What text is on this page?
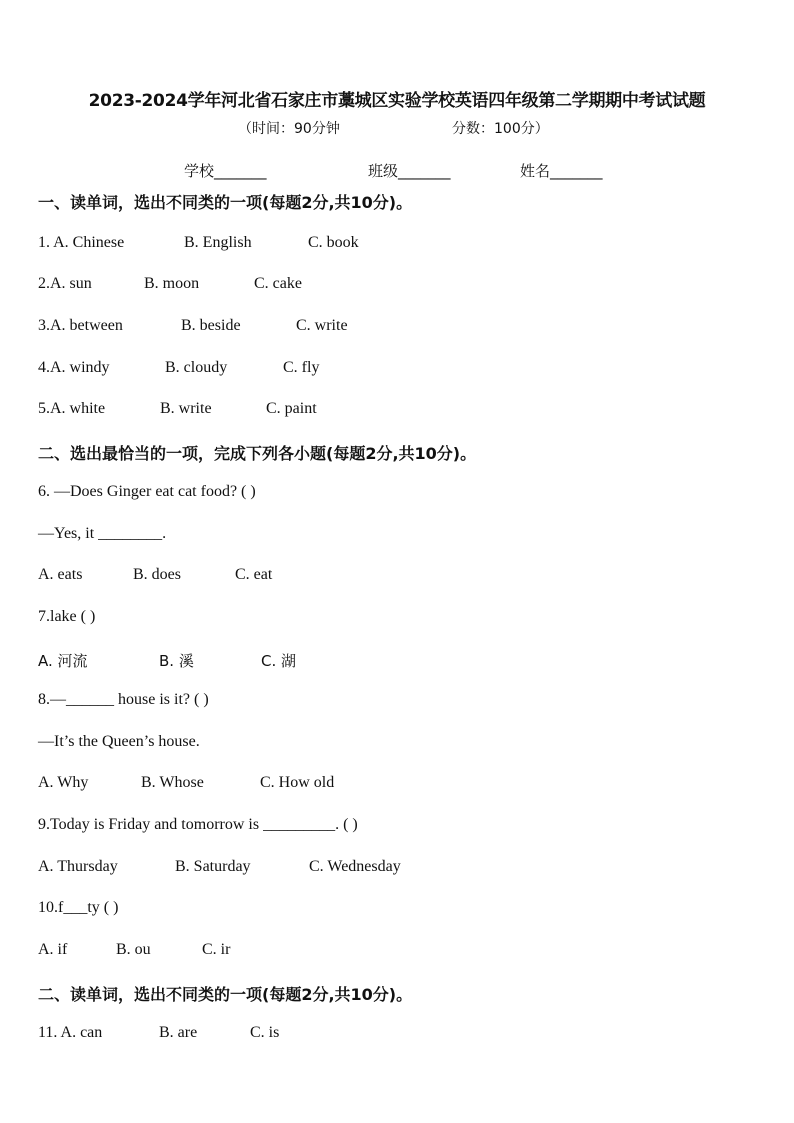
2023-2024学年河北省石家庄市藁城区实验学校英语四年级第二学期期中考试试题
（时间：90分钟	分数：100分）
学校_______	班级_______	姓名_______
一、读单词，选出不同类的一项(每题2分,共10分)。
1. A. Chinese	B. English	C. book
2.A. sun	B. moon	C. cake
3.A. between	B. beside	C. write
4.A. windy	B. cloudy	C. fly
5.A. white	B. write	C. paint
二、选出最恰当的一项，完成下列各小题(每题2分,共10分)。
6. —Does Ginger eat cat food? ( )
—Yes, it ________.
A. eats	B. does	C. eat
7.lake ( )
A. 河流	B. 溪	C. 湖
8.—______ house is it? ( )
—It’s the Queen’s house.
A. Why	B. Whose	C. How old
9.Today is Friday and tomorrow is _________. ( )
A. Thursday	B. Saturday	C. Wednesday
10.f___ty ( )
A. if	B. ou	C. ir
二、读单词，选出不同类的一项(每题2分,共10分)。
11. A. can	B. are	C. is
